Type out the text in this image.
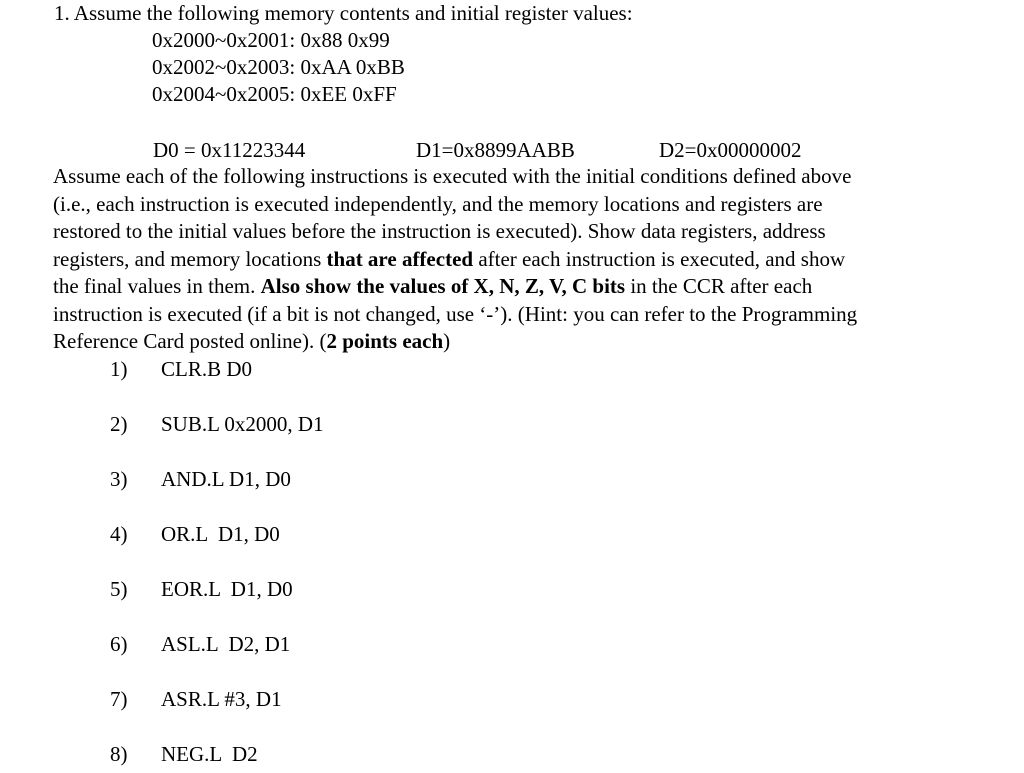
1. Assume the following memory contents and initial register values:
0x2000~0x2001: 0x88 0x99
0x2002~0x2003: 0xAA 0xBB
0x2004~0x2005: 0xEE 0xFF
D0 = 0x11223344	D1=0x8899AABB	D2=0x00000002

Assume each of the following instructions is executed with the initial conditions defined above

(i.e., each instruction is executed independently, and the memory locations and registers are

restored to the initial values before the instruction is executed). Show data registers, address

registers, and memory locations that are affected after each instruction is executed, and show

the final values in them. Also show the values of X, N, Z, V, C bits in the CCR after each

instruction is executed (if a bit is not changed, use ‘-’). (Hint: you can refer to the Programming

Reference Card posted online). (2 points each)

1) CLR.B D0
2) SUB.L 0x2000, D1
3) AND.L D1, D0
4) OR.L  D1, D0
5) EOR.L  D1, D0
6) ASL.L  D2, D1
7) ASR.L #3, D1
8) NEG.L  D2
